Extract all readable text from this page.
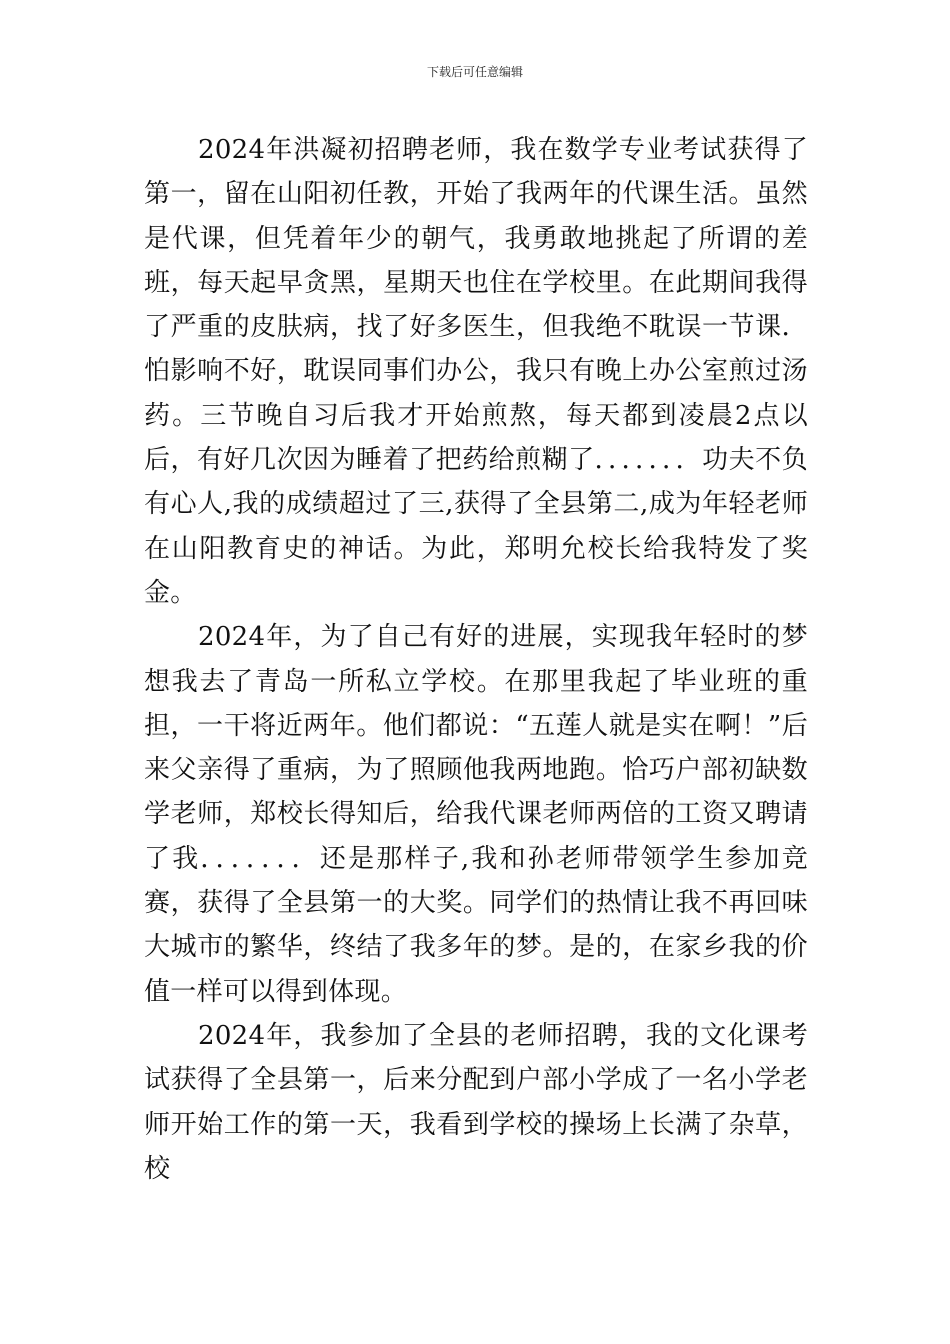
下载后可任意编辑

2024年洪凝初招聘老师，我在数学专业考试获得了第一，留在山阳初任教，开始了我两年的代课生活。虽然是代课，但凭着年少的朝气，我勇敢地挑起了所谓的差班，每天起早贪黑，星期天也住在学校里。在此期间我得了严重的皮肤病，找了好多医生，但我绝不耽误一节课．怕影响不好，耽误同事们办公，我只有晚上办公室煎过汤药。三节晚自习后我才开始煎熬，每天都到凌晨2点以后，有好几次因为睡着了把药给煎糊了．．．．．．．功夫不负有心人,我的成绩超过了三,获得了全县第二,成为年轻老师在山阳教育史的神话。为此，郑明允校长给我特发了奖金。

2024年，为了自己有好的进展，实现我年轻时的梦想我去了青岛一所私立学校。在那里我起了毕业班的重担，一干将近两年。他们都说：“五莲人就是实在啊！”后来父亲得了重病，为了照顾他我两地跑。恰巧户部初缺数学老师，郑校长得知后，给我代课老师两倍的工资又聘请了我．．．．．．．还是那样子,我和孙老师带领学生参加竞赛，获得了全县第一的大奖。同学们的热情让我不再回味大城市的繁华，终结了我多年的梦。是的，在家乡我的价值一样可以得到体现。

2024年，我参加了全县的老师招聘，我的文化课考试获得了全县第一，后来分配到户部小学成了一名小学老师开始工作的第一天，我看到学校的操场上长满了杂草，校
